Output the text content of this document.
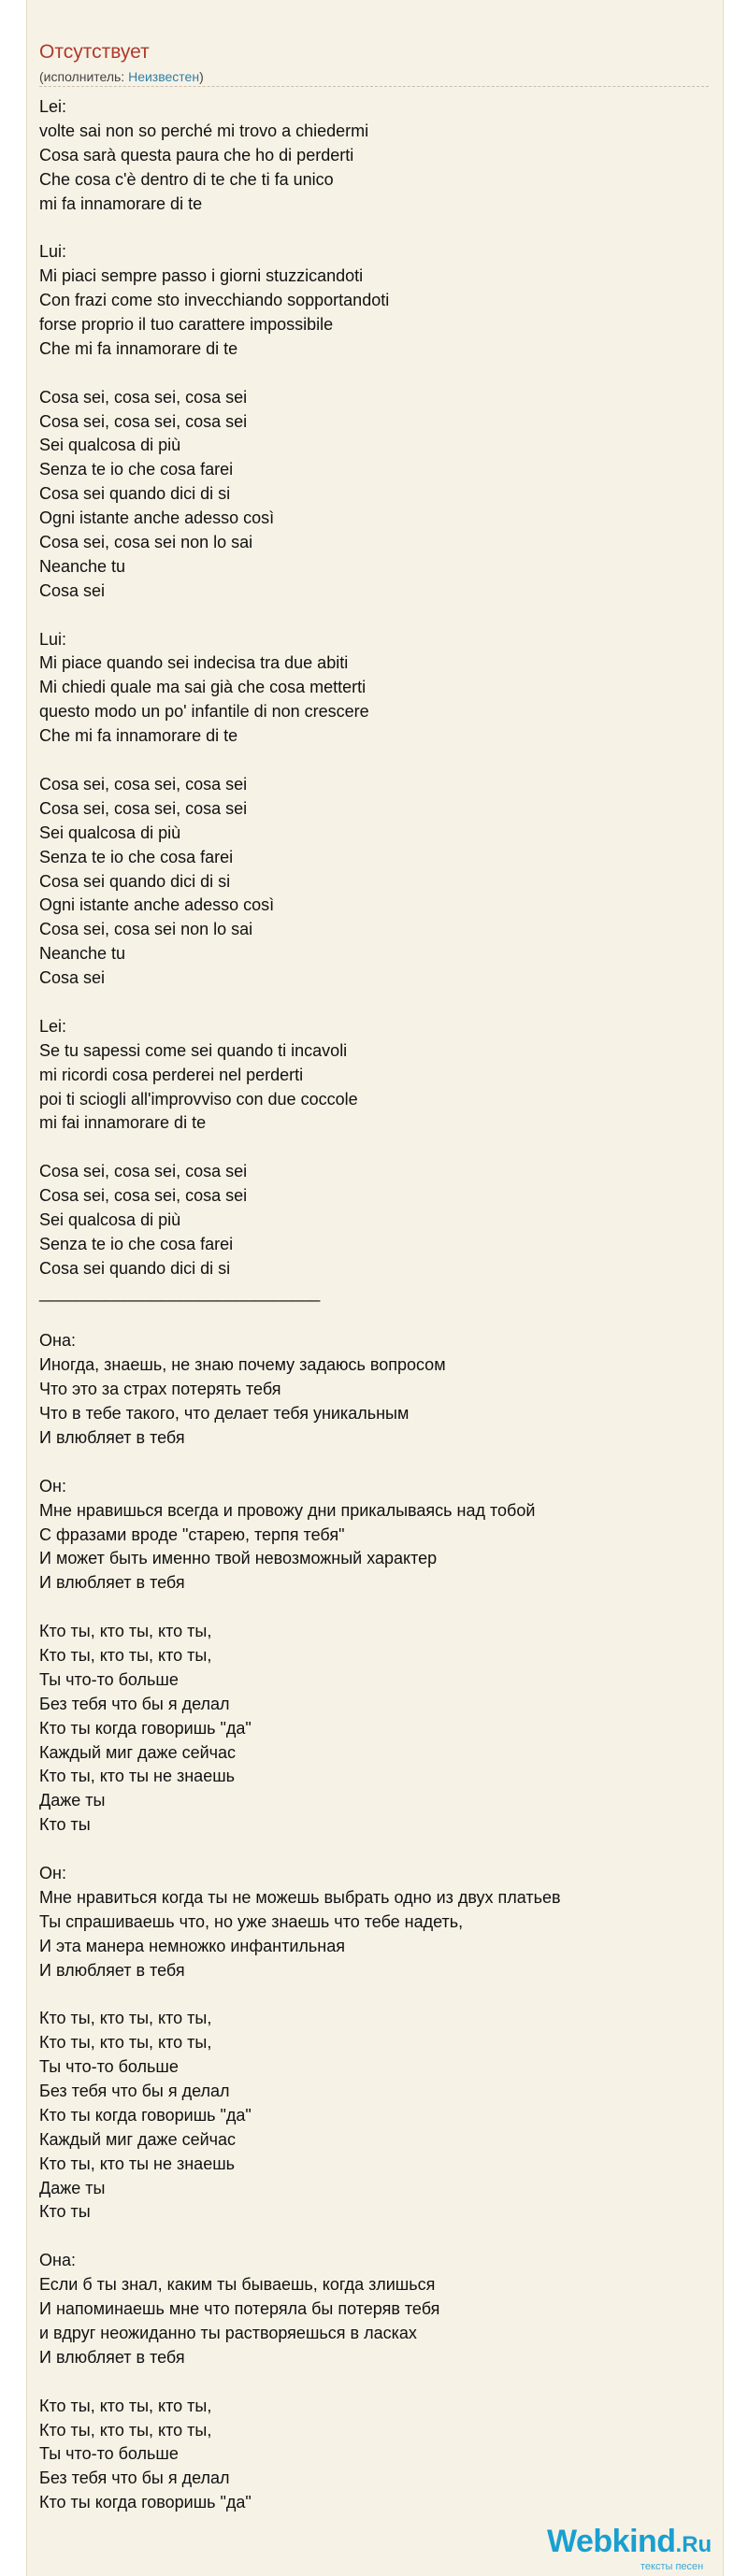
Отсутствует
(исполнитель: Неизвестен)
Lei:
volte sai non so perché mi trovo a chiedermi
Cosa sarà questa paura che ho di perderti
Che cosa c'è dentro di te che ti fa unico
mi fa innamorare di te
Lui:
Mi piaci sempre passo i giorni stuzzicandoti
Con frazi come sto invecchiando sopportandoti
forse proprio il tuo carattere impossibile
Che mi fa innamorare di te
Cosa sei, cosa sei, cosa sei
Cosa sei, cosa sei, cosa sei
Sei qualcosa di più
Senza te io che cosa farei
Cosa sei quando dici di si
Ogni istante anche adesso così
Cosa sei, cosa sei non lo sai
Neanche tu
Cosa sei
Lui:
Mi piace quando sei indecisa tra due abiti
Mi chiedi quale ma sai già che cosa metterti
questo modo un po' infantile di non crescere
Che mi fa innamorare di te
Cosa sei, cosa sei, cosa sei
Cosa sei, cosa sei, cosa sei
Sei qualcosa di più
Senza te io che cosa farei
Cosa sei quando dici di si
Ogni istante anche adesso così
Cosa sei, cosa sei non lo sai
Neanche tu
Cosa sei
Lei:
Se tu sapessi come sei quando ti incavoli
mi ricordi cosa perderei nel perderti
poi ti sciogli all'improvviso con due coccole
mi fai innamorare di te
Cosa sei, cosa sei, cosa sei
Cosa sei, cosa sei, cosa sei
Sei qualcosa di più
Senza te io che cosa farei
Cosa sei quando dici di si
______________________________
Она:
Иногда, знаешь, не знаю почему задаюсь вопросом
Что это за страх потерять тебя
Что в тебе такого, что делает тебя уникальным
И влюбляет в тебя
Он:
Мне нравишься всегда и провожу дни прикалываясь над тобой
С фразами вроде "старею, терпя тебя"
И может быть именно твой невозможный характер
И влюбляет в тебя
Кто ты, кто ты, кто ты,
Кто ты, кто ты, кто ты,
Ты что-то больше
Без тебя что бы я делал
Кто ты когда говоришь "да"
Каждый миг даже сейчас
Кто ты, кто ты не знаешь
Даже ты
Кто ты
Он:
Мне нравиться когда ты не можешь выбрать одно из двух платьев
Ты спрашиваешь что, но уже знаешь что тебе надеть,
И эта манера немножко инфантильная
И влюбляет в тебя
Кто ты, кто ты, кто ты,
Кто ты, кто ты, кто ты,
Ты что-то больше
Без тебя что бы я делал
Кто ты когда говоришь "да"
Каждый миг даже сейчас
Кто ты, кто ты не знаешь
Даже ты
Кто ты
Она:
Если б ты знал, каким ты бываешь, когда злишься
И напоминаешь мне что потеряла бы потеряв тебя
и вдруг неожиданно ты растворяешься в ласках
И влюбляет в тебя
Кто ты, кто ты, кто ты,
Кто ты, кто ты, кто ты,
Ты что-то больше
Без тебя что бы я делал
Кто ты когда говоришь "да"
Webkind.Ru
тексты песен
